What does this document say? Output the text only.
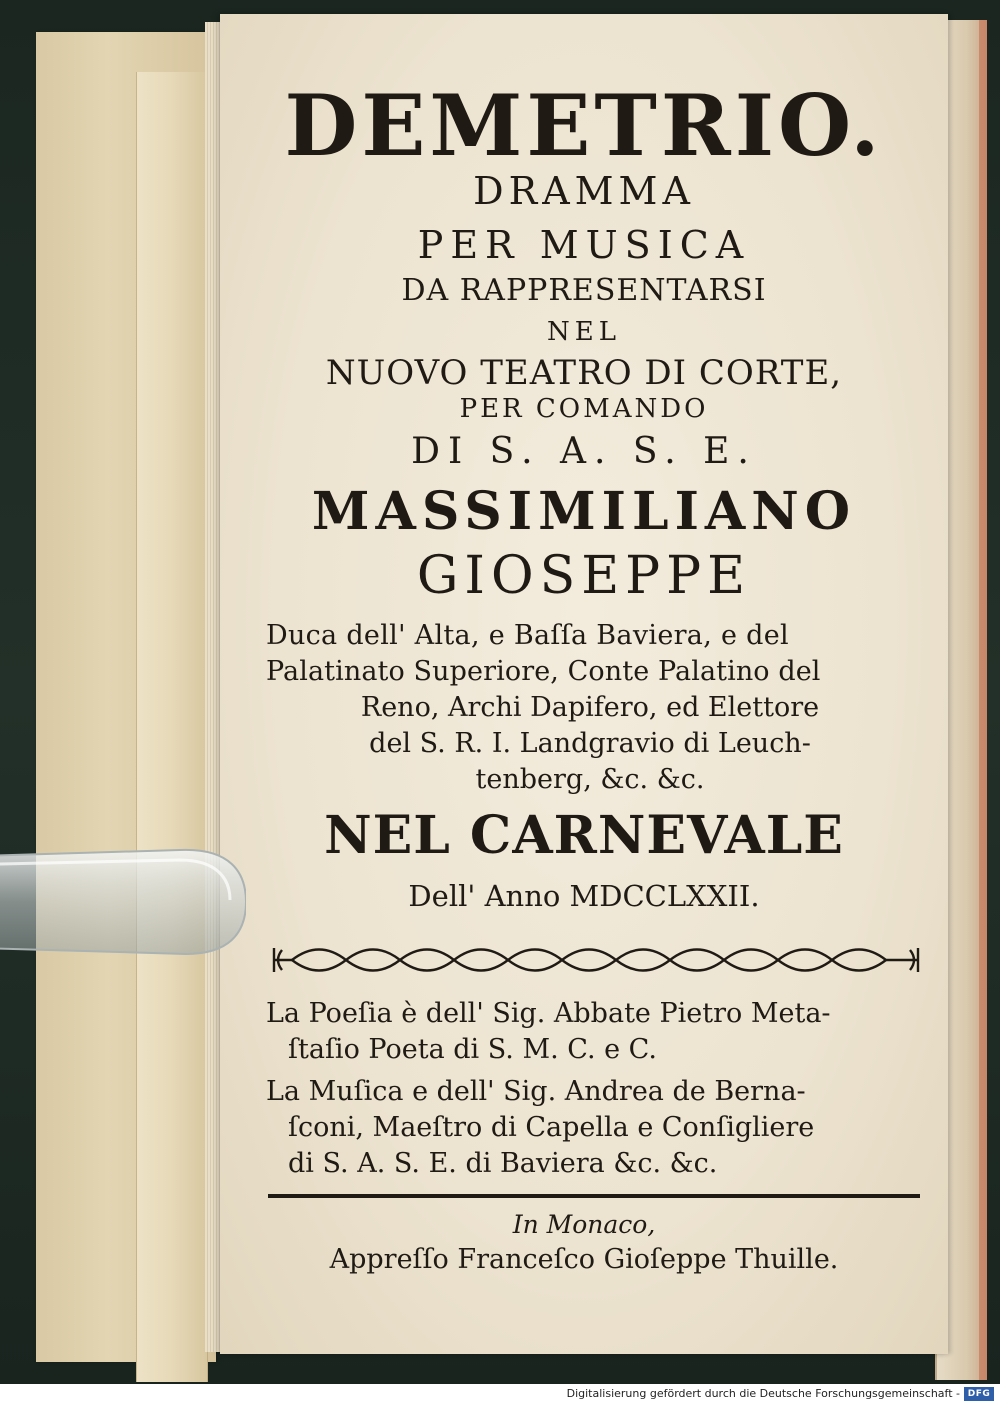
DEMETRIO.
DRAMMA
PER MUSICA
DA RAPPRESENTARSI
NEL
NUOVO TEATRO DI CORTE,
PER COMANDO
DI S. A. S. E.
MASSIMILIANO
GIOSEPPE
Duca dell' Alta, e Baſſa Baviera, e del
Palatinato Superiore, Conte Palatino del
Reno, Archi Dapifero, ed Elettore
del S. R. I. Landgravio di Leuch-
tenberg, &c. &c.
NEL CARNEVALE
Dell' Anno MDCCLXXII.
La Poeſia è dell' Sig. Abbate Pietro Meta-
ſtaſio Poeta di S. M. C. e C.
La Muſica e dell' Sig. Andrea de Berna-
ſconi, Maeſtro di Capella e Conſigliere
di S. A. S. E. di Baviera &c. &c.
In Monaco,
Appreſſo Franceſco Gioſeppe Thuille.
Digitalisierung gefördert durch die Deutsche Forschungsgemeinschaft - DFG
